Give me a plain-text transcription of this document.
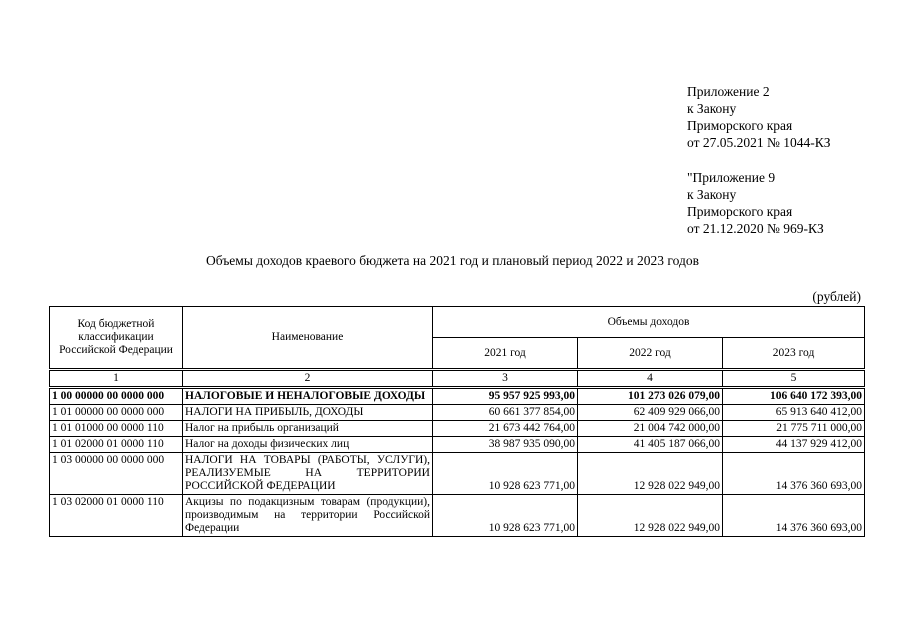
Приложение 2
к Закону
Приморского края
от 27.05.2021 № 1044-КЗ
"Приложение 9
к Закону
Приморского края
от 21.12.2020 № 969-КЗ
Объемы доходов краевого бюджета на 2021 год и плановый период 2022 и 2023 годов
(рублей)
Код бюджетной классификации Российской Федерации	Наименование	Объемы доходов		
		2021 год	2022 год	2023 год
1	2	3	4	5
1 00 00000 00 0000 000	НАЛОГОВЫЕ И НЕНАЛОГОВЫЕ ДОХОДЫ	95 957 925 993,00	101 273 026 079,00	106 640 172 393,00
1 01 00000 00 0000 000	НАЛОГИ НА ПРИБЫЛЬ, ДОХОДЫ	60 661 377 854,00	62 409 929 066,00	65 913 640 412,00
1 01 01000 00 0000 110	Налог на прибыль организаций	21 673 442 764,00	21 004 742 000,00	21 775 711 000,00
1 01 02000 01 0000 110	Налог на доходы физических лиц	38 987 935 090,00	41 405 187 066,00	44 137 929 412,00
1 03 00000 00 0000 000	НАЛОГИ НА ТОВАРЫ (РАБОТЫ, УСЛУГИ), РЕАЛИЗУЕМЫЕ НА ТЕРРИТОРИИ РОССИЙСКОЙ ФЕДЕРАЦИИ	10 928 623 771,00	12 928 022 949,00	14 376 360 693,00
1 03 02000 01 0000 110	Акцизы по подакцизным товарам (продукции), производимым на территории Российской Федерации	10 928 623 771,00	12 928 022 949,00	14 376 360 693,00
